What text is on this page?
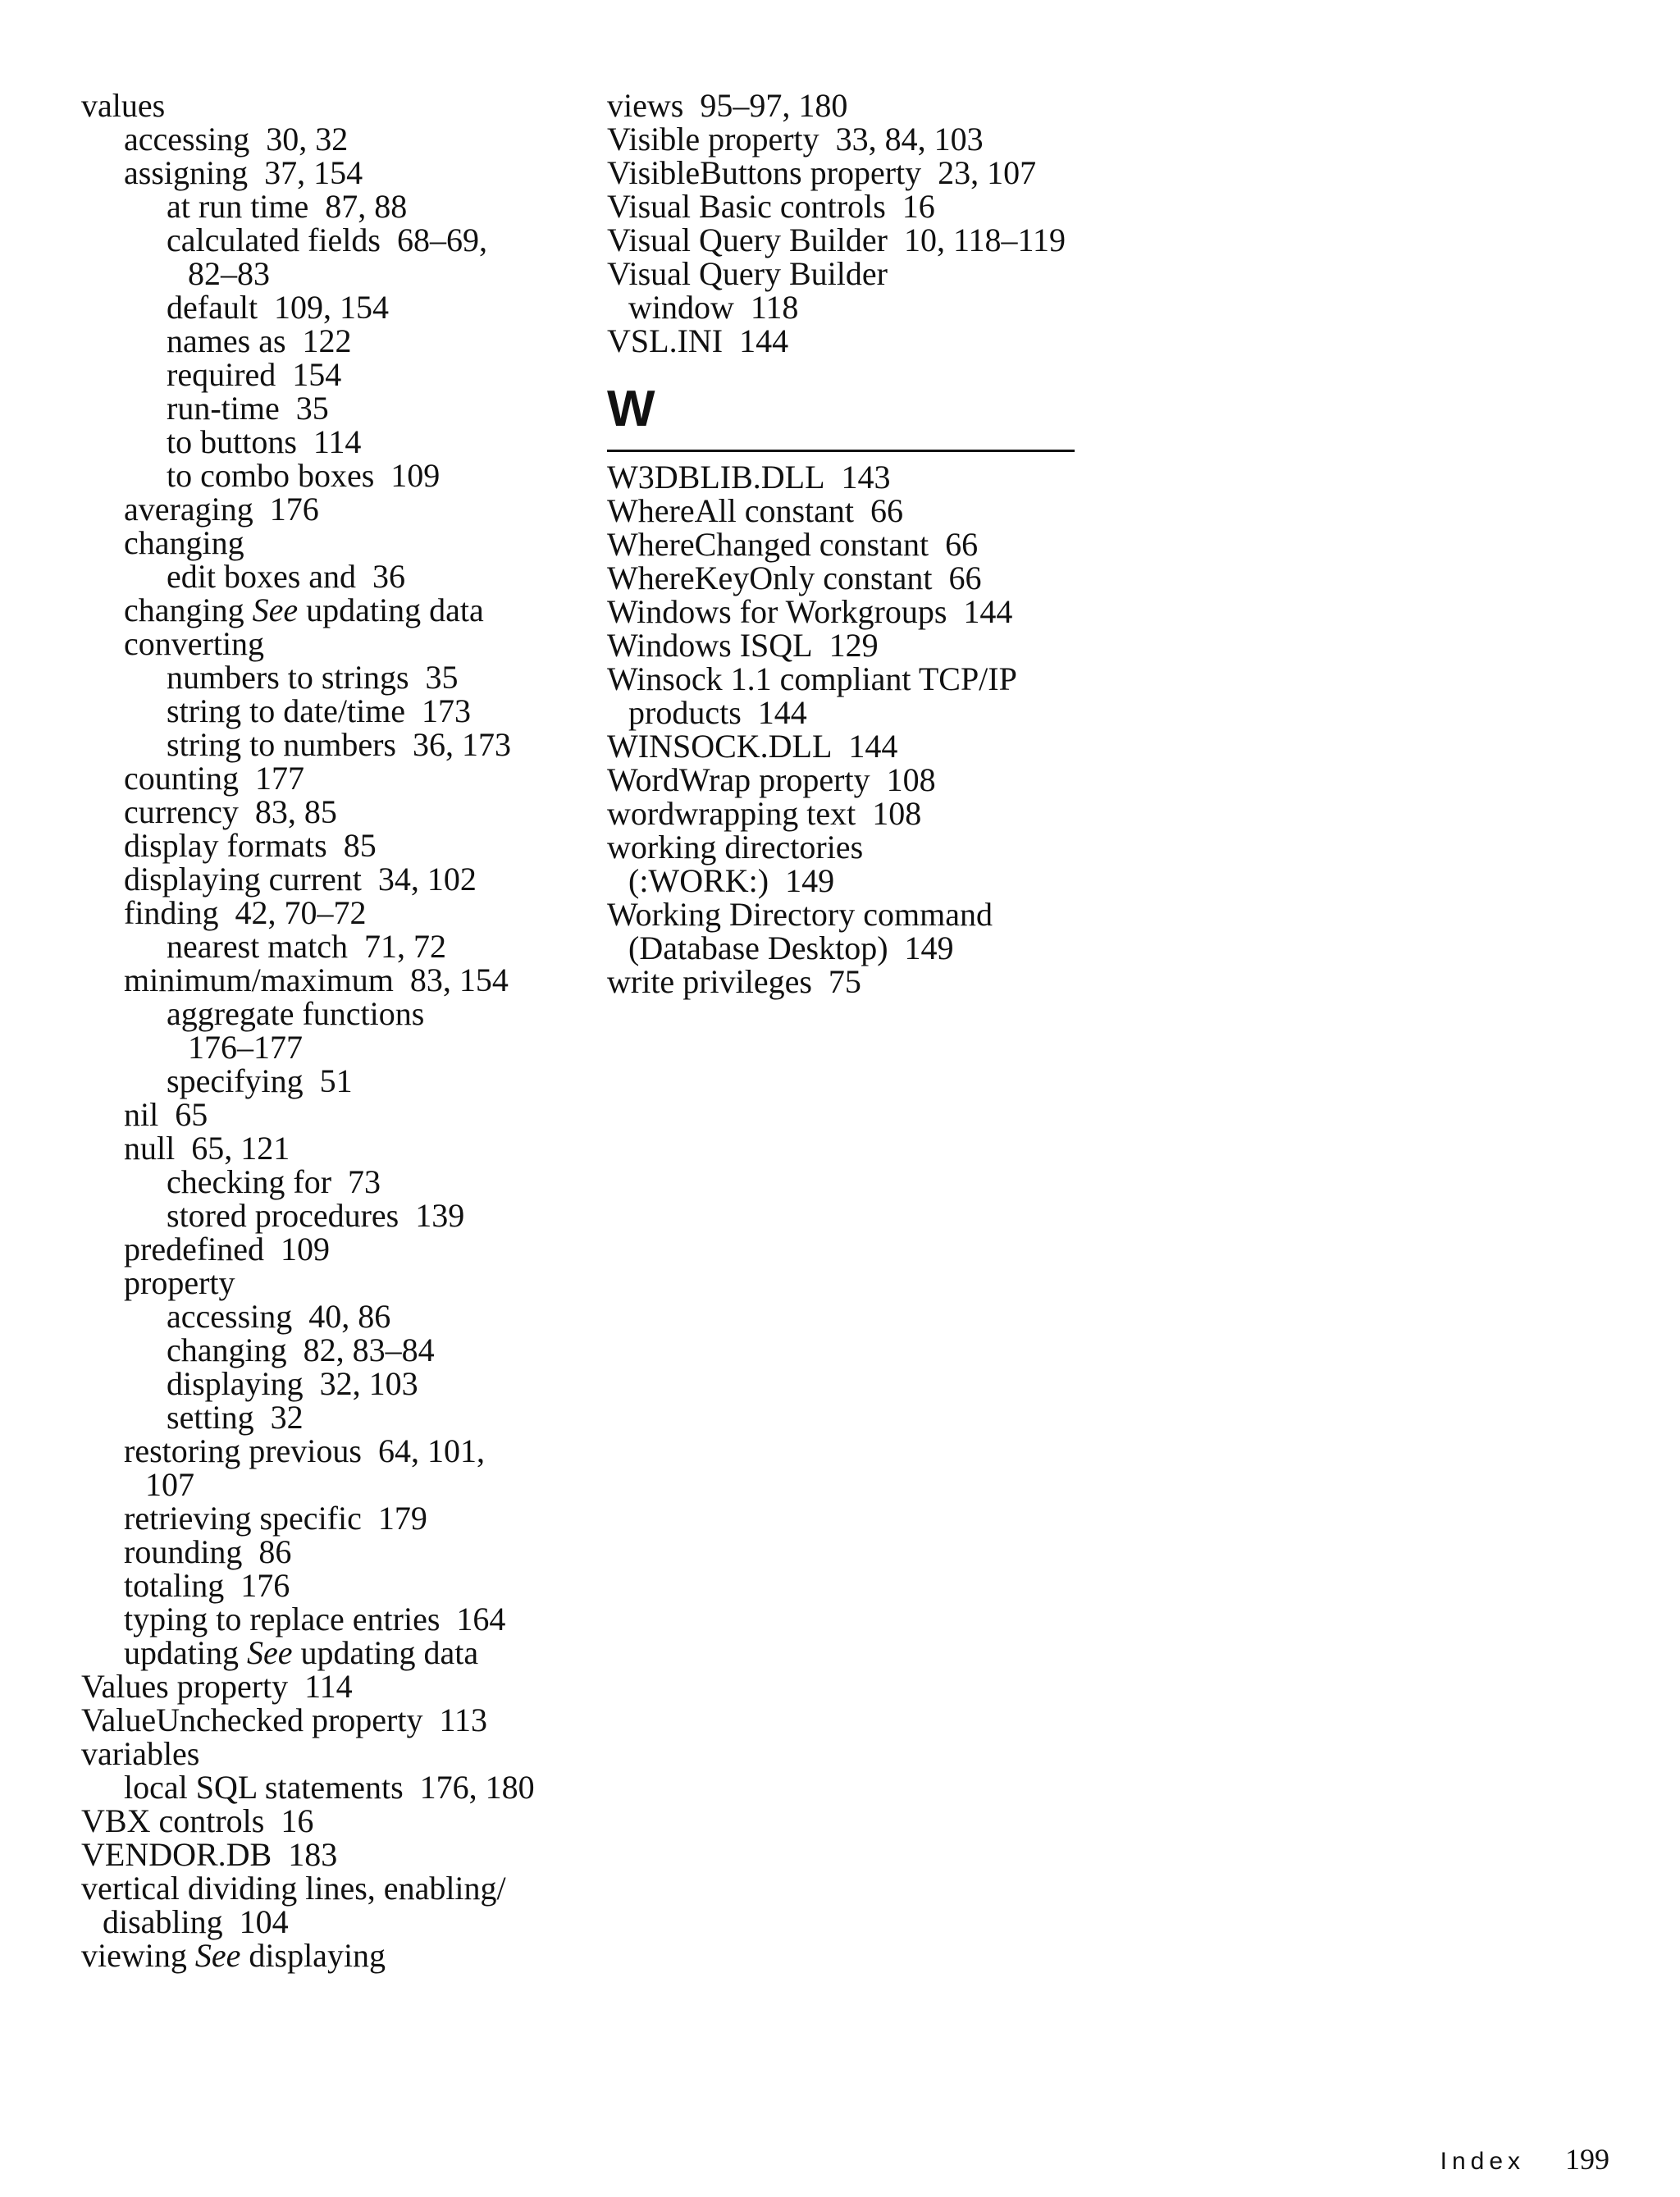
values
accessing  30, 32
assigning  37, 154
at run time  87, 88
calculated fields  68–69,
82–83
default  109, 154
names as  122
required  154
run-time  35
to buttons  114
to combo boxes  109
averaging  176
changing
edit boxes and  36
changing See updating data
converting
numbers to strings  35
string to date/time  173
string to numbers  36, 173
counting  177
currency  83, 85
display formats  85
displaying current  34, 102
finding  42, 70–72
nearest match  71, 72
minimum/maximum  83, 154
aggregate functions
176–177
specifying  51
nil  65
null  65, 121
checking for  73
stored procedures  139
predefined  109
property
accessing  40, 86
changing  82, 83–84
displaying  32, 103
setting  32
restoring previous  64, 101,
107
retrieving specific  179
rounding  86
totaling  176
typing to replace entries  164
updating See updating data
Values property  114
ValueUnchecked property  113
variables
local SQL statements  176, 180
VBX controls  16
VENDOR.DB  183
vertical dividing lines, enabling/
disabling  104
viewing See displaying
views  95–97, 180
Visible property  33, 84, 103
VisibleButtons property  23, 107
Visual Basic controls  16
Visual Query Builder  10, 118–119
Visual Query Builder
window  118
VSL.INI  144
W
W3DBLIB.DLL  143
WhereAll constant  66
WhereChanged constant  66
WhereKeyOnly constant  66
Windows for Workgroups  144
Windows ISQL  129
Winsock 1.1 compliant TCP/IP
products  144
WINSOCK.DLL  144
WordWrap property  108
wordwrapping text  108
working directories
(:WORK:)  149
Working Directory command
(Database Desktop)  149
write privileges  75
Index 199
